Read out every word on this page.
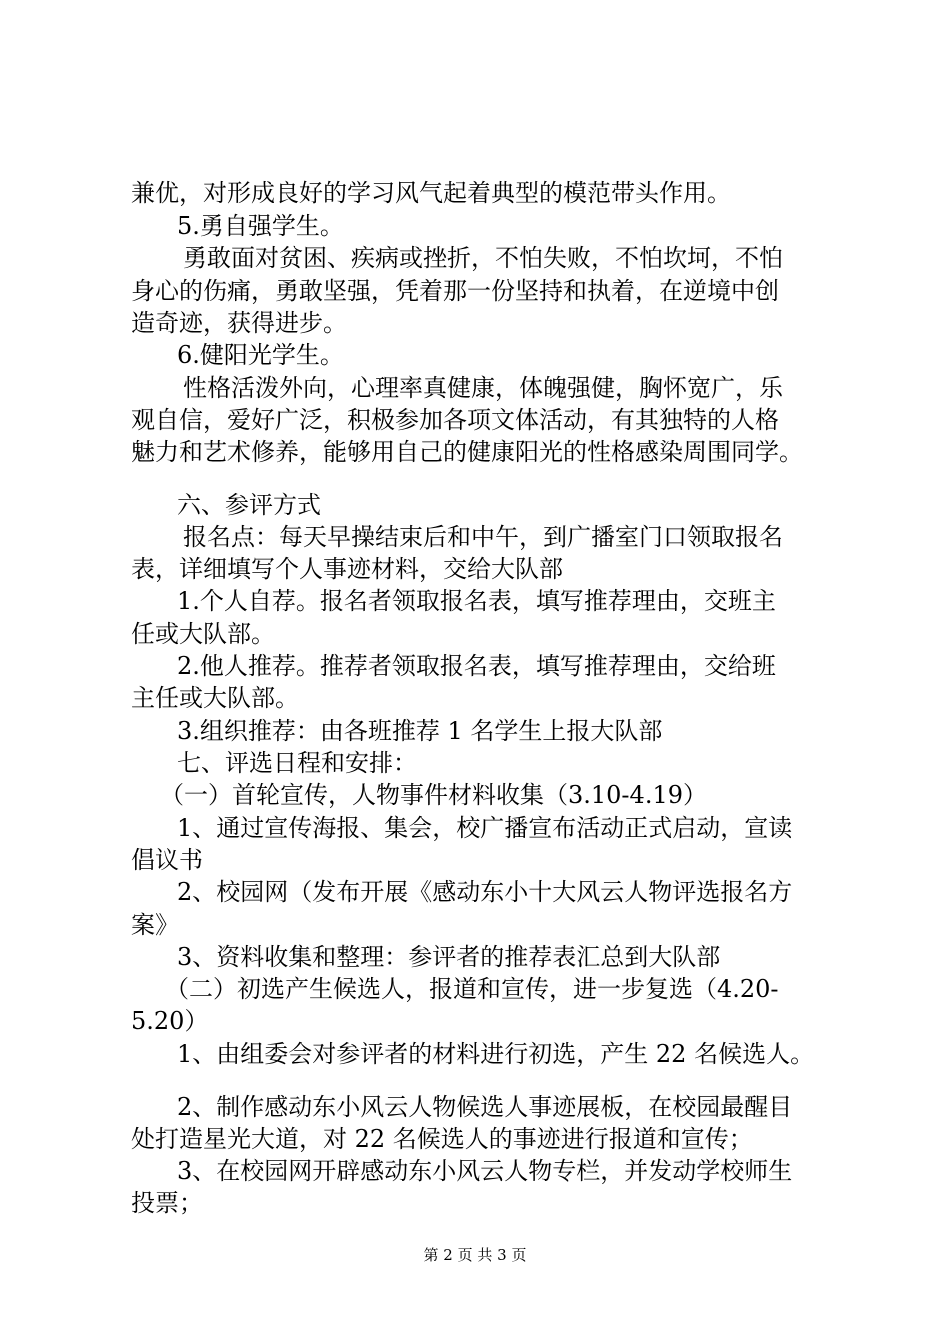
兼优，对形成良好的学习风气起着典型的模范带头作用。
5.勇自强学生。
勇敢面对贫困、疾病或挫折，不怕失败，不怕坎坷，不怕
身心的伤痛，勇敢坚强，凭着那一份坚持和执着，在逆境中创
造奇迹，获得进步。
6.健阳光学生。
性格活泼外向，心理率真健康，体魄强健，胸怀宽广，乐
观自信，爱好广泛，积极参加各项文体活动，有其独特的人格
魅力和艺术修养，能够用自己的健康阳光的性格感染周围同学。
六、参评方式
报名点：每天早操结束后和中午，到广播室门口领取报名
表，详细填写个人事迹材料，交给大队部
1.个人自荐。报名者领取报名表，填写推荐理由，交班主
任或大队部。
2.他人推荐。推荐者领取报名表，填写推荐理由，交给班
主任或大队部。
3.组织推荐：由各班推荐 1 名学生上报大队部
七、评选日程和安排：
（一）首轮宣传，人物事件材料收集（3.10-4.19）
1、通过宣传海报、集会，校广播宣布活动正式启动，宣读
倡议书
2、校园网（发布开展《感动东小十大风云人物评选报名方
案》
3、资料收集和整理：参评者的推荐表汇总到大队部
（二）初选产生候选人，报道和宣传，进一步复选（4.20-
5.20）
1、由组委会对参评者的材料进行初选，产生 22 名候选人。
2、制作感动东小风云人物候选人事迹展板，在校园最醒目
处打造星光大道，对 22 名候选人的事迹进行报道和宣传；
3、在校园网开辟感动东小风云人物专栏，并发动学校师生
投票；
第 2 页 共 3 页
